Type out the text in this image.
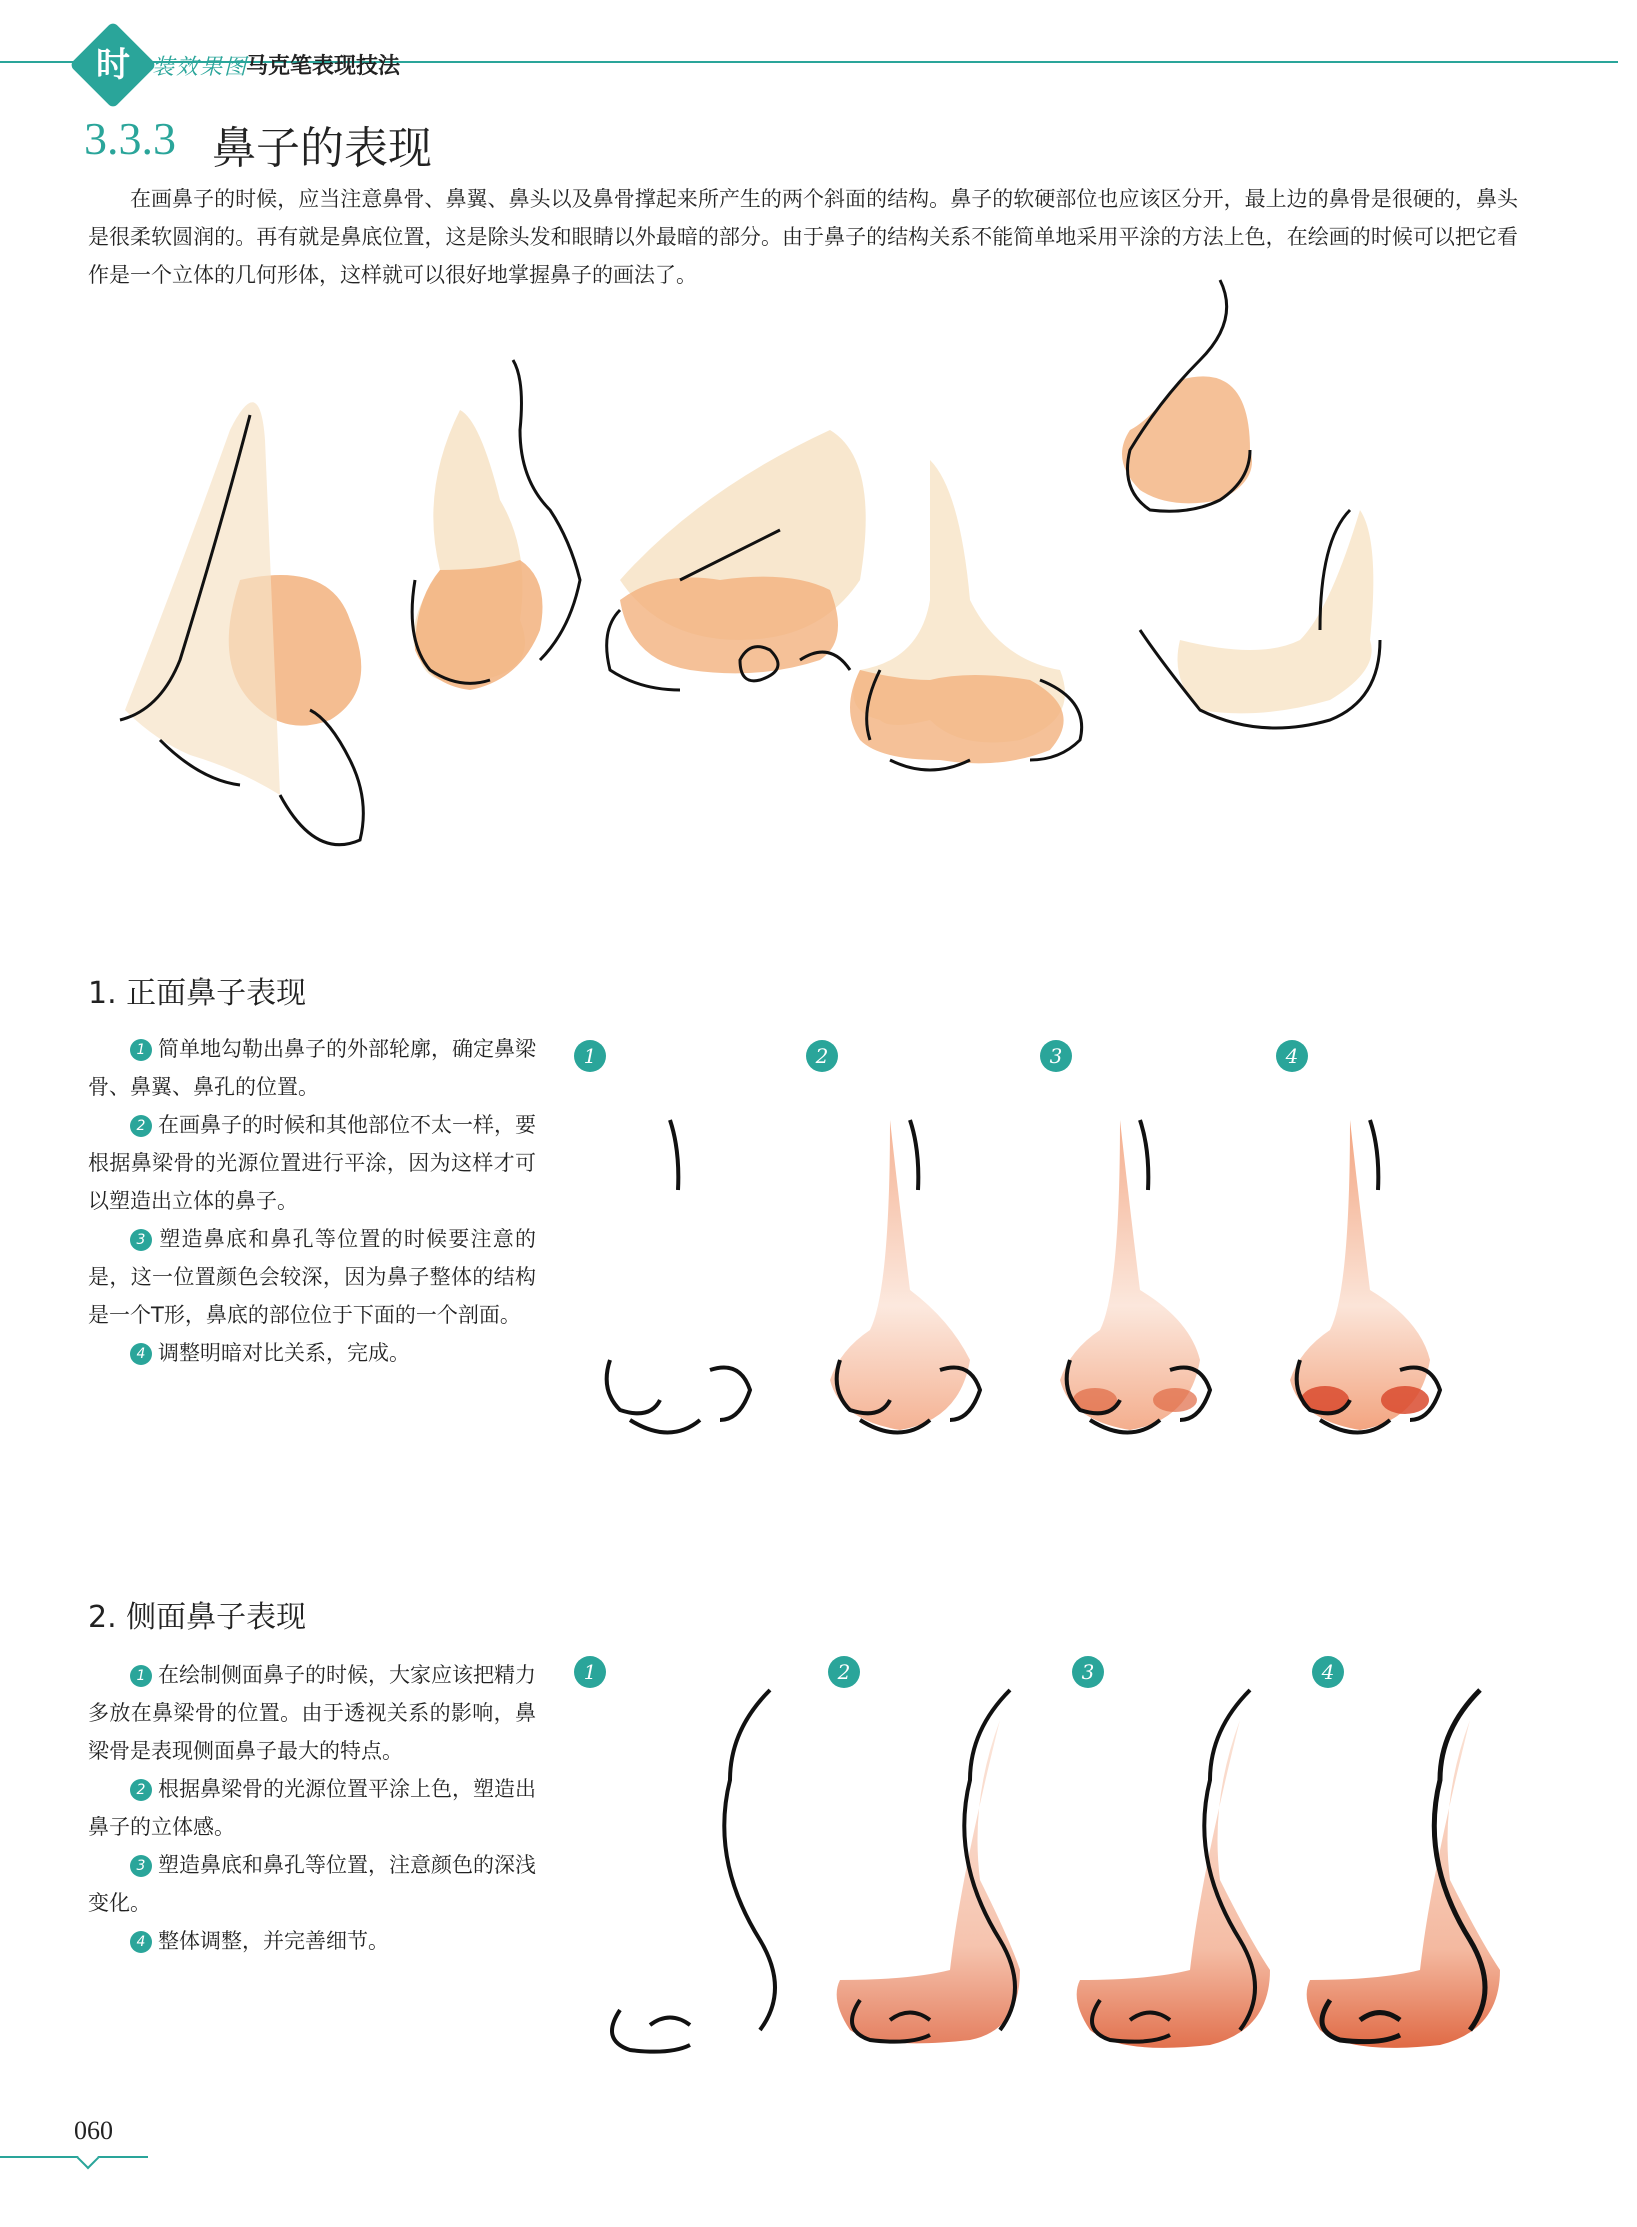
时	装效果图
马克笔表现技法
3.3.3 鼻子的表现
在画鼻子的时候，应当注意鼻骨、鼻翼、鼻头以及鼻骨撑起来所产生的两个斜面的结构。鼻子的软硬部位也应该区分开，最上边的鼻骨是很硬的，鼻头是很柔软圆润的。再有就是鼻底位置，这是除头发和眼睛以外最暗的部分。由于鼻子的结构关系不能简单地采用平涂的方法上色，在绘画的时候可以把它看作是一个立体的几何形体，这样就可以很好地掌握鼻子的画法了。
1. 正面鼻子表现

1 简单地勾勒出鼻子的外部轮廓，确定鼻梁骨、鼻翼、鼻孔的位置。

2 在画鼻子的时候和其他部位不太一样，要根据鼻梁骨的光源位置进行平涂，因为这样才可以塑造出立体的鼻子。

3 塑造鼻底和鼻孔等位置的时候要注意的是，这一位置颜色会较深，因为鼻子整体的结构是一个T形，鼻底的部位位于下面的一个剖面。

4 调整明暗对比关系，完成。

1	2	3	4
2. 侧面鼻子表现

1 在绘制侧面鼻子的时候，大家应该把精力多放在鼻梁骨的位置。由于透视关系的影响，鼻梁骨是表现侧面鼻子最大的特点。

2 根据鼻梁骨的光源位置平涂上色，塑造出鼻子的立体感。

3 塑造鼻底和鼻孔等位置，注意颜色的深浅变化。

4 整体调整，并完善细节。

1	2	3	4
060
